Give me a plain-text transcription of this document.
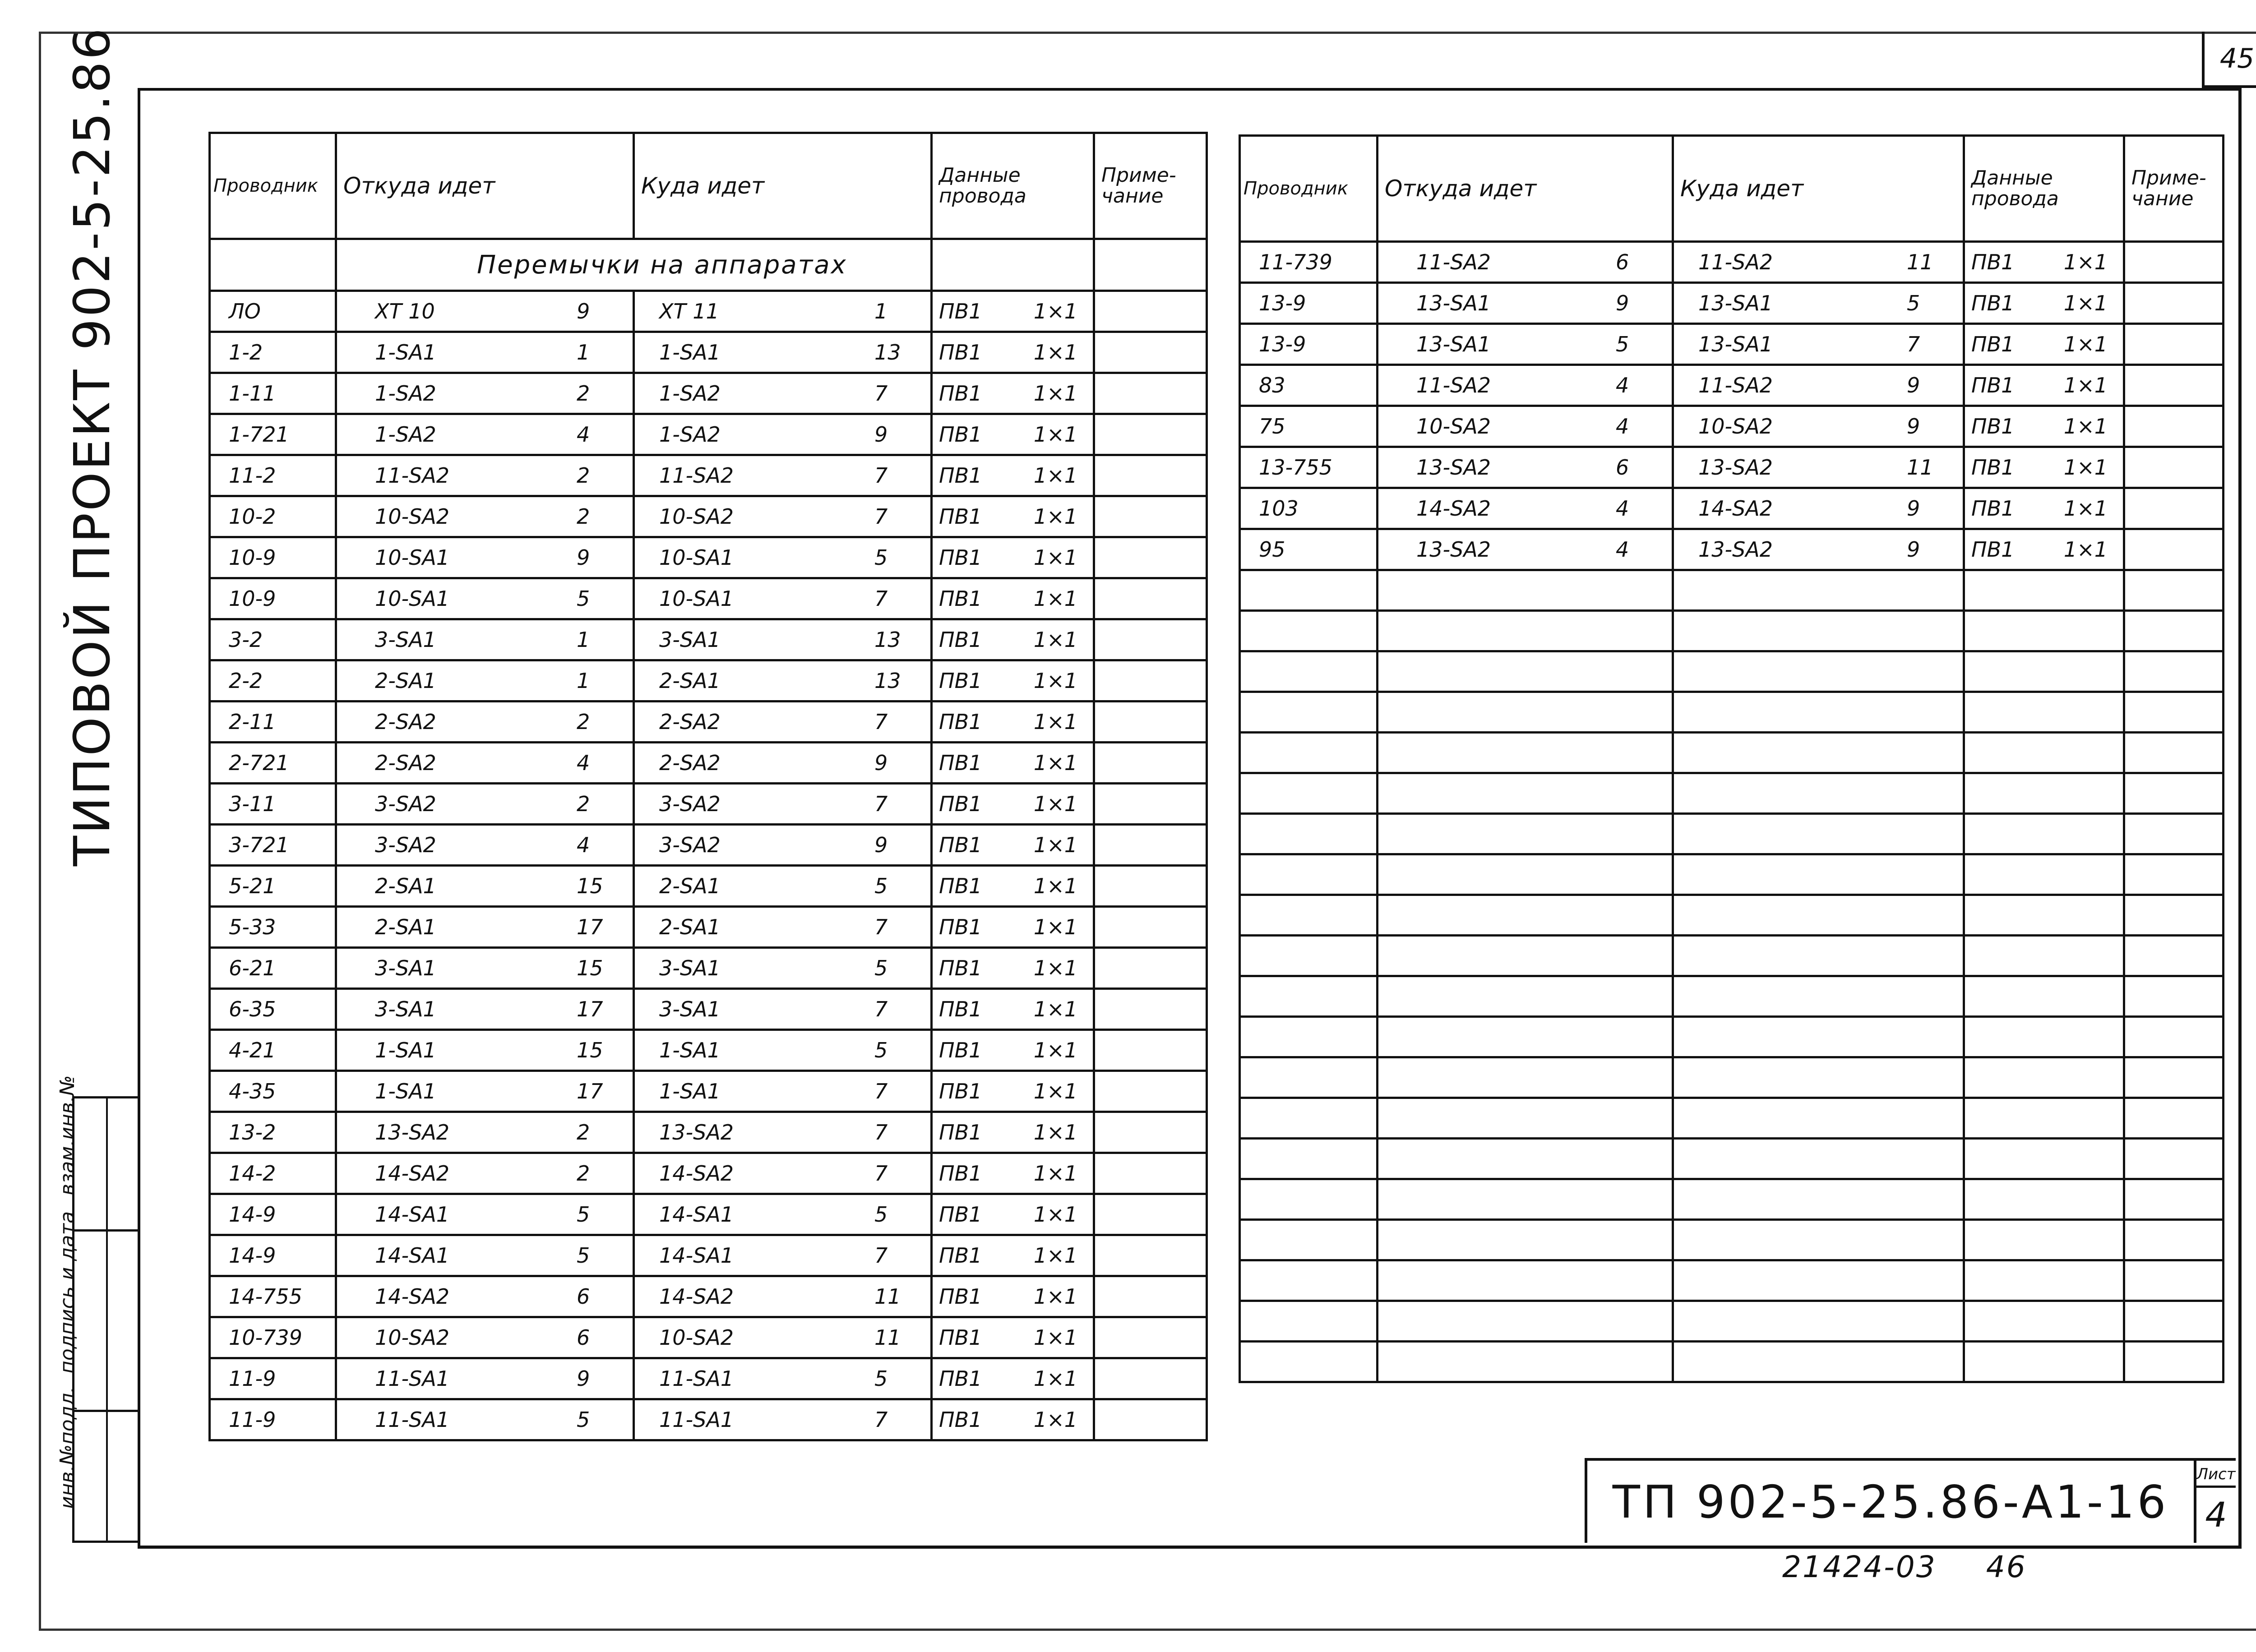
45
ТИПОВОЙ ПРОЕКТ 902-5-25.86
взам.инв.№
подпись и дата
инв.№подл.
Проводник	Откуда идет	Куда идет	Данные провода	Приме- чание
	Перемычки на аппаратах			
ЛО	XT 10 9	XT 11 1	ПВ1 1×1	

1-2	1-SA1 1	1-SA1 13	ПВ1 1×1	

1-11	1-SA2 2	1-SA2 7	ПВ1 1×1	

1-721	1-SA2 4	1-SA2 9	ПВ1 1×1	

11-2	11-SA2 2	11-SA2 7	ПВ1 1×1	

10-2	10-SA2 2	10-SA2 7	ПВ1 1×1	

10-9	10-SA1 9	10-SA1 5	ПВ1 1×1	

10-9	10-SA1 5	10-SA1 7	ПВ1 1×1	

3-2	3-SA1 1	3-SA1 13	ПВ1 1×1	

2-2	2-SA1 1	2-SA1 13	ПВ1 1×1	

2-11	2-SA2 2	2-SA2 7	ПВ1 1×1	

2-721	2-SA2 4	2-SA2 9	ПВ1 1×1	

3-11	3-SA2 2	3-SA2 7	ПВ1 1×1	

3-721	3-SA2 4	3-SA2 9	ПВ1 1×1	

5-21	2-SA1 15	2-SA1 5	ПВ1 1×1	

5-33	2-SA1 17	2-SA1 7	ПВ1 1×1	

6-21	3-SA1 15	3-SA1 5	ПВ1 1×1	

6-35	3-SA1 17	3-SA1 7	ПВ1 1×1	

4-21	1-SA1 15	1-SA1 5	ПВ1 1×1	

4-35	1-SA1 17	1-SA1 7	ПВ1 1×1	

13-2	13-SA2 2	13-SA2 7	ПВ1 1×1	

14-2	14-SA2 2	14-SA2 7	ПВ1 1×1	

14-9	14-SA1 5	14-SA1 5	ПВ1 1×1	

14-9	14-SA1 5	14-SA1 7	ПВ1 1×1	

14-755	14-SA2 6	14-SA2 11	ПВ1 1×1	

10-739	10-SA2 6	10-SA2 11	ПВ1 1×1	

11-9	11-SA1 9	11-SA1 5	ПВ1 1×1	

11-9	11-SA1 5	11-SA1 7	ПВ1 1×1	

Проводник	Откуда идет	Куда идет	Данные провода	Приме- чание
11-739	11-SA2 6	11-SA2 11	ПВ1 1×1	

13-9	13-SA1 9	13-SA1 5	ПВ1 1×1	

13-9	13-SA1 5	13-SA1 7	ПВ1 1×1	

83	11-SA2 4	11-SA2 9	ПВ1 1×1	

75	10-SA2 4	10-SA2 9	ПВ1 1×1	

13-755	13-SA2 6	13-SA2 11	ПВ1 1×1	

103	14-SA2 4	14-SA2 9	ПВ1 1×1	

95	13-SA2 4	13-SA2 9	ПВ1 1×1	

ТП 902-5-25.86-А1-16
Лист
4
21424-03 46
